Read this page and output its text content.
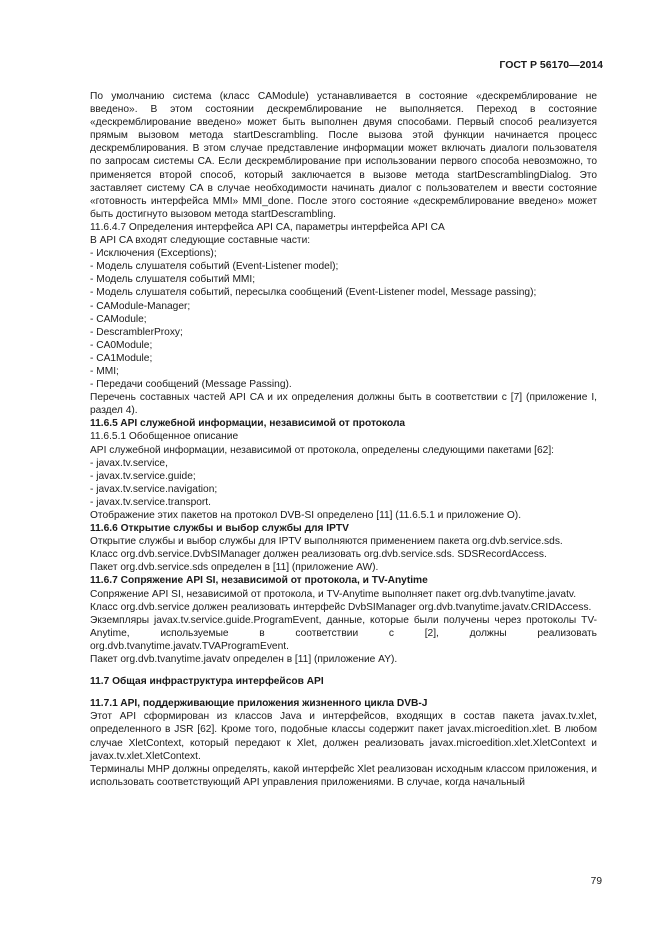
ГОСТ Р 56170—2014
По умолчанию система (класс CAModule) устанавливается в состояние «дескремблирование не введено». В этом состоянии дескремблирование не выполняется. Переход в состояние «дескремблирование введено» может быть выполнен двумя способами. Первый способ реализуется прямым вызовом метода startDescrambling. После вызова этой функции начинается процесс дескремблирования. В этом случае представление информации может включать диалоги пользователя по запросам системы CA. Если дескремблирование при использовании первого способа невозможно, то применяется второй способ, который заключается в вызове метода startDescramblingDialog. Это заставляет систему CA в случае необходимости начинать диалог с пользователем и ввести состояние «готовность интерфейса MMI» MMI_done. После этого состояние «дескремблирование введено» может быть достигнуто вызовом метода startDescrambling.
11.6.4.7 Определения интерфейса API CA, параметры интерфейса API CA
В API CA входят следующие составные части:
- Исключения (Exceptions);
- Модель слушателя событий (Event-Listener model);
- Модель слушателя событий MMI;
- Модель слушателя событий, пересылка сообщений (Event-Listener model, Message passing);
- CAModule-Manager;
- CAModule;
- DescramblerProxy;
- CA0Module;
- CA1Module;
- MMI;
- Передачи сообщений (Message Passing).
Перечень составных частей API CA и их определения должны быть в соответствии с [7] (приложение I, раздел 4).
11.6.5 API служебной информации, независимой от протокола
11.6.5.1 Обобщенное описание
API служебной информации, независимой от протокола, определены следующими пакетами [62]:
- javax.tv.service,
- javax.tv.service.guide;
- javax.tv.service.navigation;
- javax.tv.service.transport.
Отображение этих пакетов на протокол DVB-SI определено [11] (11.6.5.1 и приложение O).
11.6.6 Открытие службы и выбор службы для IPTV
Открытие службы и выбор службы для IPTV выполняются применением пакета org.dvb.service.sds.
Класс org.dvb.service.DvbSIManager должен реализовать org.dvb.service.sds. SDSRecordAccess.
Пакет org.dvb.service.sds определен в [11] (приложение AW).
11.6.7 Сопряжение API SI, независимой от протокола, и TV-Anytime
Сопряжение API SI, независимой от протокола, и TV-Anytime выполняет пакет org.dvb.tvanytime.javatv.
Класс org.dvb.service должен реализовать интерфейс DvbSIManager org.dvb.tvanytime.javatv.CRIDAccess.
Экземпляры javax.tv.service.guide.ProgramEvent, данные, которые были получены через протоколы TV-Anytime, используемые в соответствии с [2], должны реализовать org.dvb.tvanytime.javatv.TVAProgramEvent.
Пакет org.dvb.tvanytime.javatv определен в [11] (приложение AY).
11.7 Общая инфраструктура интерфейсов API
11.7.1 API, поддерживающие приложения жизненного цикла DVB-J
Этот API сформирован из классов Java и интерфейсов, входящих в состав пакета javax.tv.xlet, определенного в JSR [62]. Кроме того, подобные классы содержит пакет javax.microedition.xlet. В любом случае XletContext, который передают к Xlet, должен реализовать javax.microedition.xlet.XletContext и javax.tv.xlet.XletContext.
Терминалы MHP должны определять, какой интерфейс Xlet реализован исходным классом приложения, и использовать соответствующий API управления приложениями. В случае, когда начальный
79
